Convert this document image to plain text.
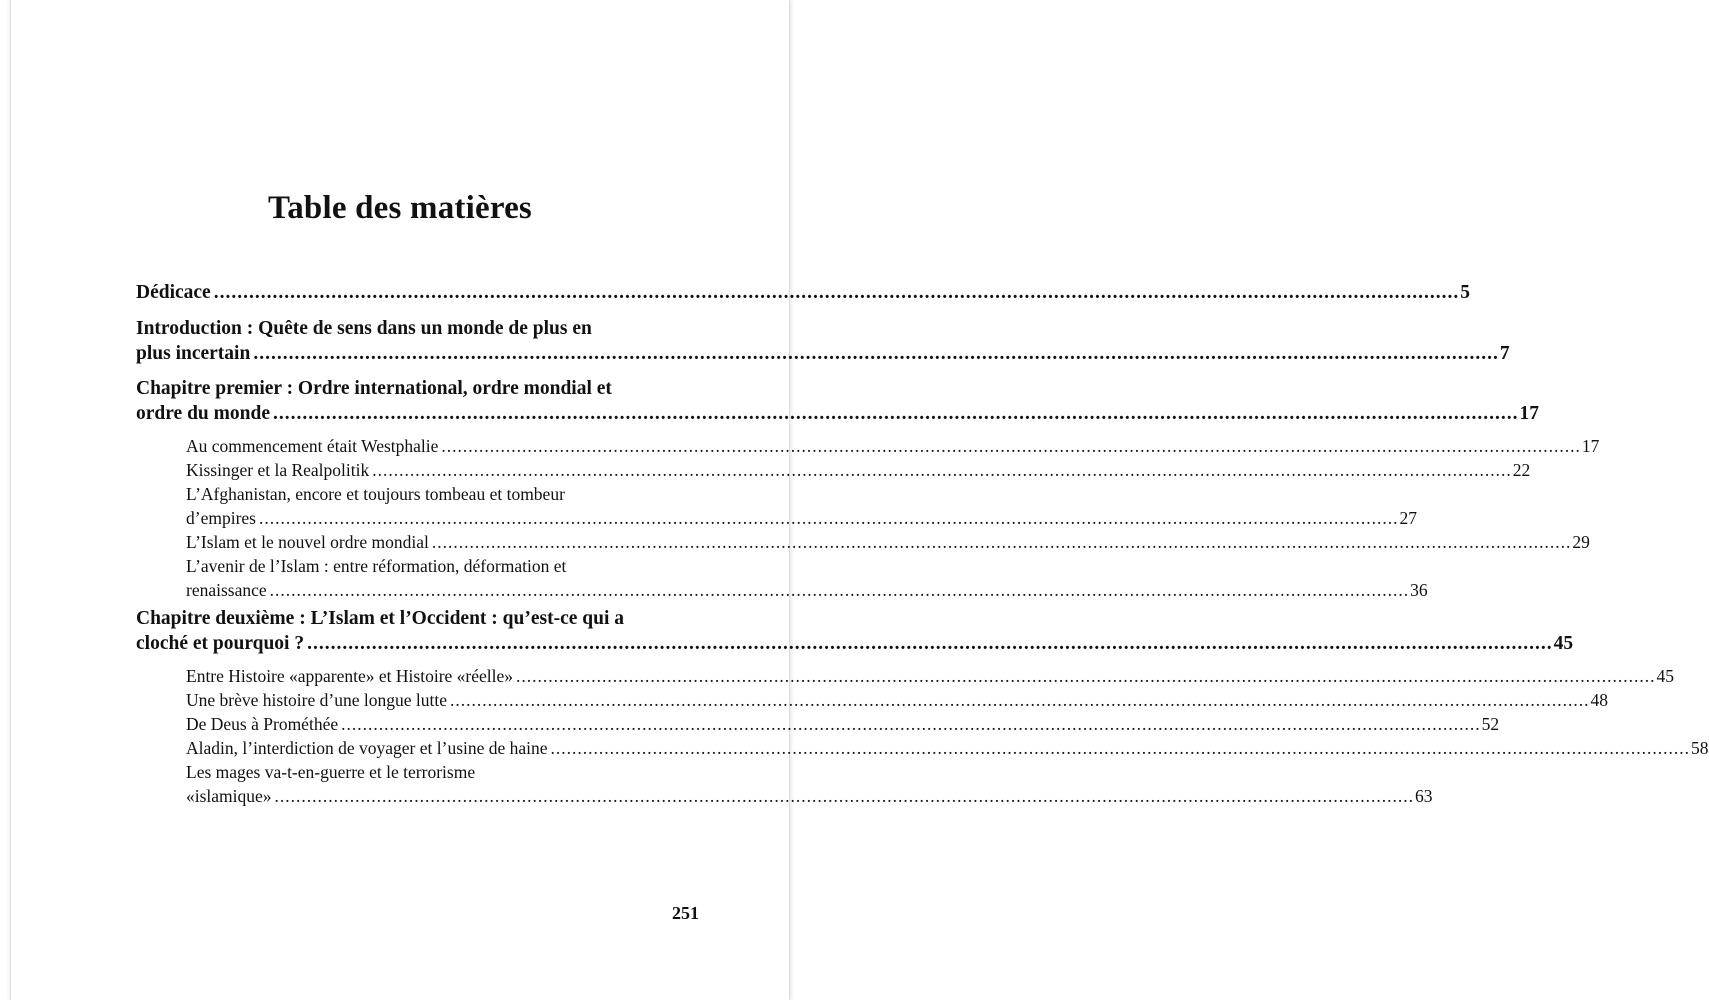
Table des matières
Dédicace .................................................................................................................................................................................................................... 5
Introduction : Quête de sens dans un monde de plus en
plus incertain .................................................................................................................................................................................................................... 7
Chapitre premier : Ordre international, ordre mondial et
ordre du monde .................................................................................................................................................................................................................... 17
Au commencement était Westphalie .................................................................................................................................................................................................................... 17
Kissinger et la Realpolitik .................................................................................................................................................................................................................... 22
L’Afghanistan, encore et toujours tombeau et tombeur
d’empires .................................................................................................................................................................................................................... 27
L’Islam et le nouvel ordre mondial .................................................................................................................................................................................................................... 29
L’avenir de l’Islam : entre réformation, déformation et
renaissance .................................................................................................................................................................................................................... 36
Chapitre deuxième : L’Islam et l’Occident : qu’est-ce qui a
cloché et pourquoi ? .................................................................................................................................................................................................................... 45
Entre Histoire «apparente» et Histoire «réelle» .................................................................................................................................................................................................................... 45
Une brève histoire d’une longue lutte .................................................................................................................................................................................................................... 48
De Deus à Prométhée .................................................................................................................................................................................................................... 52
Aladin, l’interdiction de voyager et l’usine de haine .................................................................................................................................................................................................................... 58
Les mages va-t-en-guerre et le terrorisme
«islamique» .................................................................................................................................................................................................................... 63
251
